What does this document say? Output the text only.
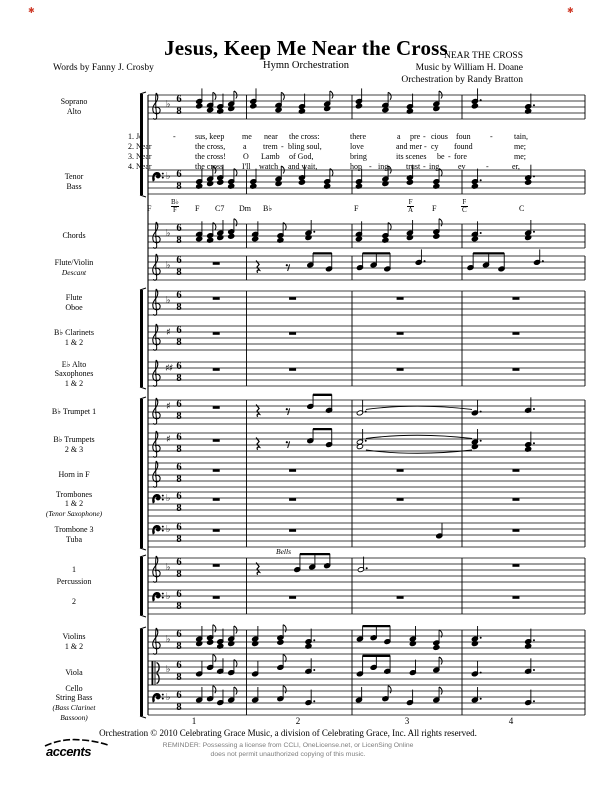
✱	✱
Jesus, Keep Me Near the Cross
Hymn Orchestration
Words by Fanny J. Crosby
NEAR THE CROSS
Music by William H. Doane
Orchestration by Randy Bratton
Soprano
Alto
Tenor
Bass
Chords
Flute/Violin
Descant
Flute
Oboe
B♭ Clarinets
1 & 2
E♭ Alto
Saxophones
1 & 2
B♭ Trumpet 1
B♭ Trumpets
2 & 3
Horn in F
Trombones
1 & 2
(Tenor Saxophone)
Trombone 3
Tuba
1
2
Violins
1 & 2
Viola
Cello
String Bass
(Bass Clarinet
Bassoon)
Percussion
1. Je	- sus, keep me near the cross:	there	a pre - cious foun -	tain,
2. Near	the cross, a trem - bling soul,	love	and mer - cy found	me;
3. Near	the cross! O Lamb of God,	bring	its scenes be - fore	me;
4. Near	the cross I'll watch and wait,	hop - ing, trust - ing ev	-	er,
F	$\frac{B♭}{F}$ F C7 Dm B♭	F	$\frac{F}{A}$ F	$\frac{F}{C}$	C
1	2	3	4
♭ 6
8
♭ 6
8
♭ 6
8
♭ 6
8
♭ 6
8
♯ 6
8
♯♯ 6
8
♯ 6
8
♯ 6
8
6
8
♭ 6
8
♭ 6
8
♭ 6
8
♭ 6
8
♭ 6
8
♭ 6
8
♭ 6
8
Bells
Orchestration © 2010 Celebrating Grace Music, a division of Celebrating Grace, Inc. All rights reserved.
REMINDER: Possessing a license from CCLI, OneLicense.net, or LicenSing Online
does not permit unauthorized copying of this music.
accents
